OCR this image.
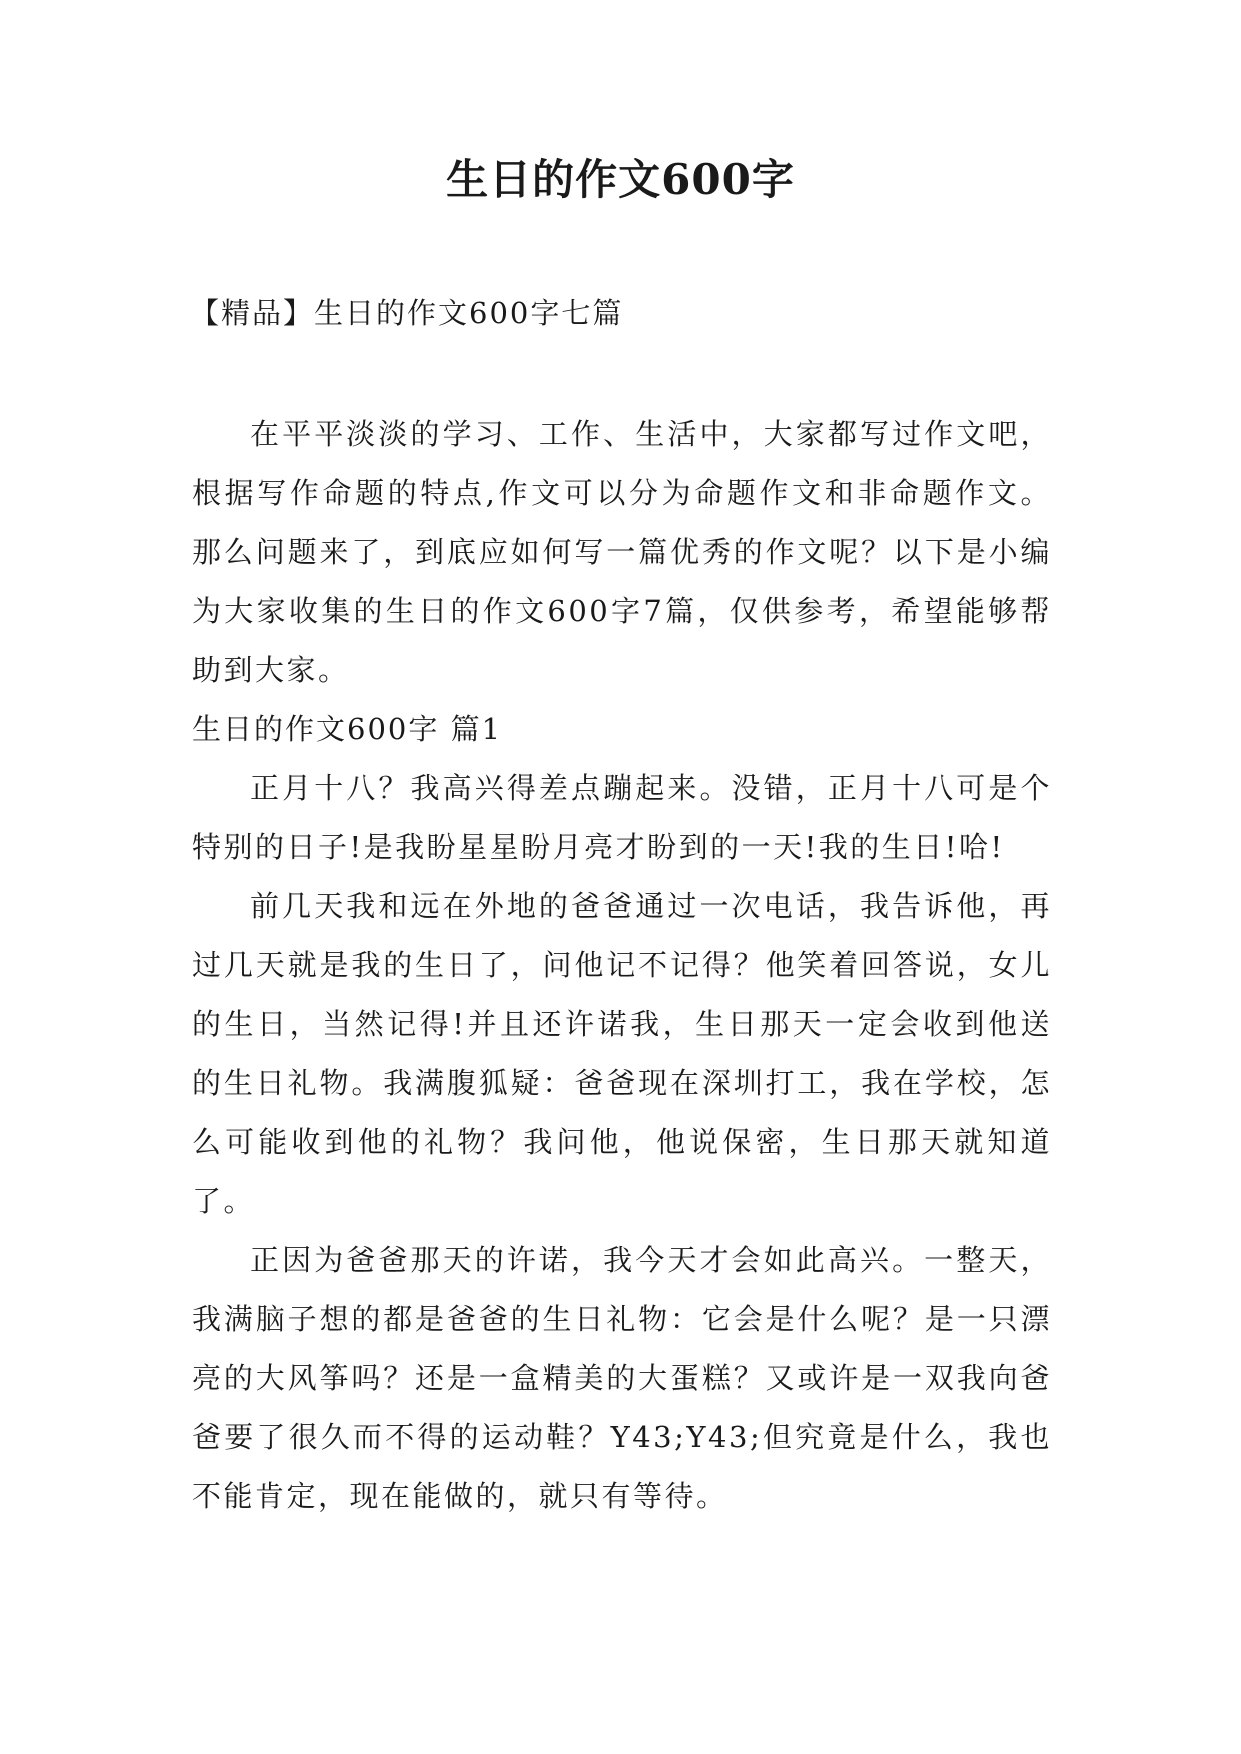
生日的作文600字
【精品】生日的作文600字七篇

在平平淡淡的学习、工作、生活中，大家都写过作文吧，根据写作命题的特点,作文可以分为命题作文和非命题作文。那么问题来了，到底应如何写一篇优秀的作文呢？以下是小编为大家收集的生日的作文600字7篇，仅供参考，希望能够帮助到大家。

生日的作文600字 篇1

正月十八？我高兴得差点蹦起来。没错，正月十八可是个特别的日子!是我盼星星盼月亮才盼到的一天!我的生日!哈!

前几天我和远在外地的爸爸通过一次电话，我告诉他，再过几天就是我的生日了，问他记不记得？他笑着回答说，女儿的生日，当然记得!并且还许诺我，生日那天一定会收到他送的生日礼物。我满腹狐疑：爸爸现在深圳打工，我在学校，怎么可能收到他的礼物？我问他，他说保密，生日那天就知道了。

正因为爸爸那天的许诺，我今天才会如此高兴。一整天，我满脑子想的都是爸爸的生日礼物：它会是什么呢？是一只漂亮的大风筝吗？还是一盒精美的大蛋糕？又或许是一双我向爸爸要了很久而不得的运动鞋？Y43;Y43;但究竟是什么，我也不能肯定，现在能做的，就只有等待。
